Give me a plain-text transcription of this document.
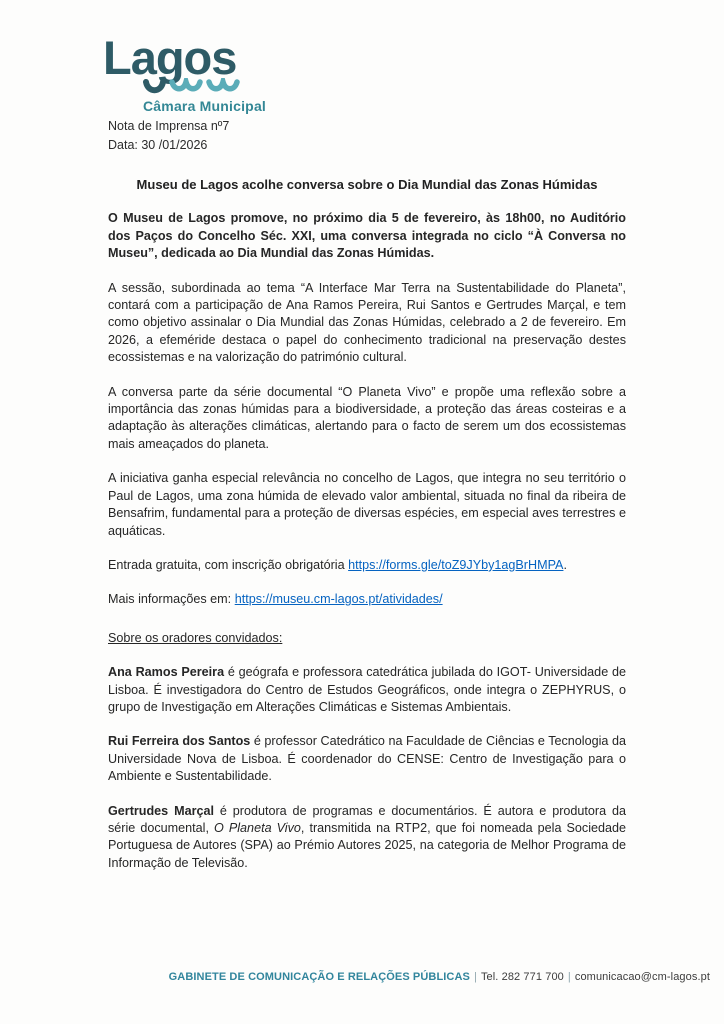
Lagos
Câmara Municipal
Nota de Imprensa nº7
Data: 30 /01/2026
Museu de Lagos acolhe conversa sobre o Dia Mundial das Zonas Húmidas

O Museu de Lagos promove, no próximo dia 5 de fevereiro, às 18h00, no Auditório dos Paços do Concelho Séc. XXI, uma conversa integrada no ciclo “À Conversa no Museu”, dedicada ao Dia Mundial das Zonas Húmidas.

A sessão, subordinada ao tema “A Interface Mar Terra na Sustentabilidade do Planeta”, contará com a participação de Ana Ramos Pereira, Rui Santos e Gertrudes Marçal, e tem como objetivo assinalar o Dia Mundial das Zonas Húmidas, celebrado a 2 de fevereiro. Em 2026, a efeméride destaca o papel do conhecimento tradicional na preservação destes ecossistemas e na valorização do património cultural.

A conversa parte da série documental “O Planeta Vivo” e propõe uma reflexão sobre a importância das zonas húmidas para a biodiversidade, a proteção das áreas costeiras e a adaptação às alterações climáticas, alertando para o facto de serem um dos ecossistemas mais ameaçados do planeta.

A iniciativa ganha especial relevância no concelho de Lagos, que integra no seu território o Paul de Lagos, uma zona húmida de elevado valor ambiental, situada no final da ribeira de Bensafrim, fundamental para a proteção de diversas espécies, em especial aves terrestres e aquáticas.

Entrada gratuita, com inscrição obrigatória https://forms.gle/toZ9JYby1agBrHMPA.

Mais informações em: https://museu.cm-lagos.pt/atividades/

Sobre os oradores convidados:

Ana Ramos Pereira é geógrafa e professora catedrática jubilada do IGOT- Universidade de Lisboa. É investigadora do Centro de Estudos Geográficos, onde integra o ZEPHYRUS, o grupo de Investigação em Alterações Climáticas e Sistemas Ambientais.

Rui Ferreira dos Santos é professor Catedrático na Faculdade de Ciências e Tecnologia da Universidade Nova de Lisboa. É coordenador do CENSE: Centro de Investigação para o Ambiente e Sustentabilidade.

Gertrudes Marçal é produtora de programas e documentários. É autora e produtora da série documental, O Planeta Vivo, transmitida na RTP2, que foi nomeada pela Sociedade Portuguesa de Autores (SPA) ao Prémio Autores 2025, na categoria de Melhor Programa de Informação de Televisão.

GABINETE DE COMUNICAÇÃO E RELAÇÕES PÚBLICAS | Tel. 282 771 700 | comunicacao@cm-lagos.pt
